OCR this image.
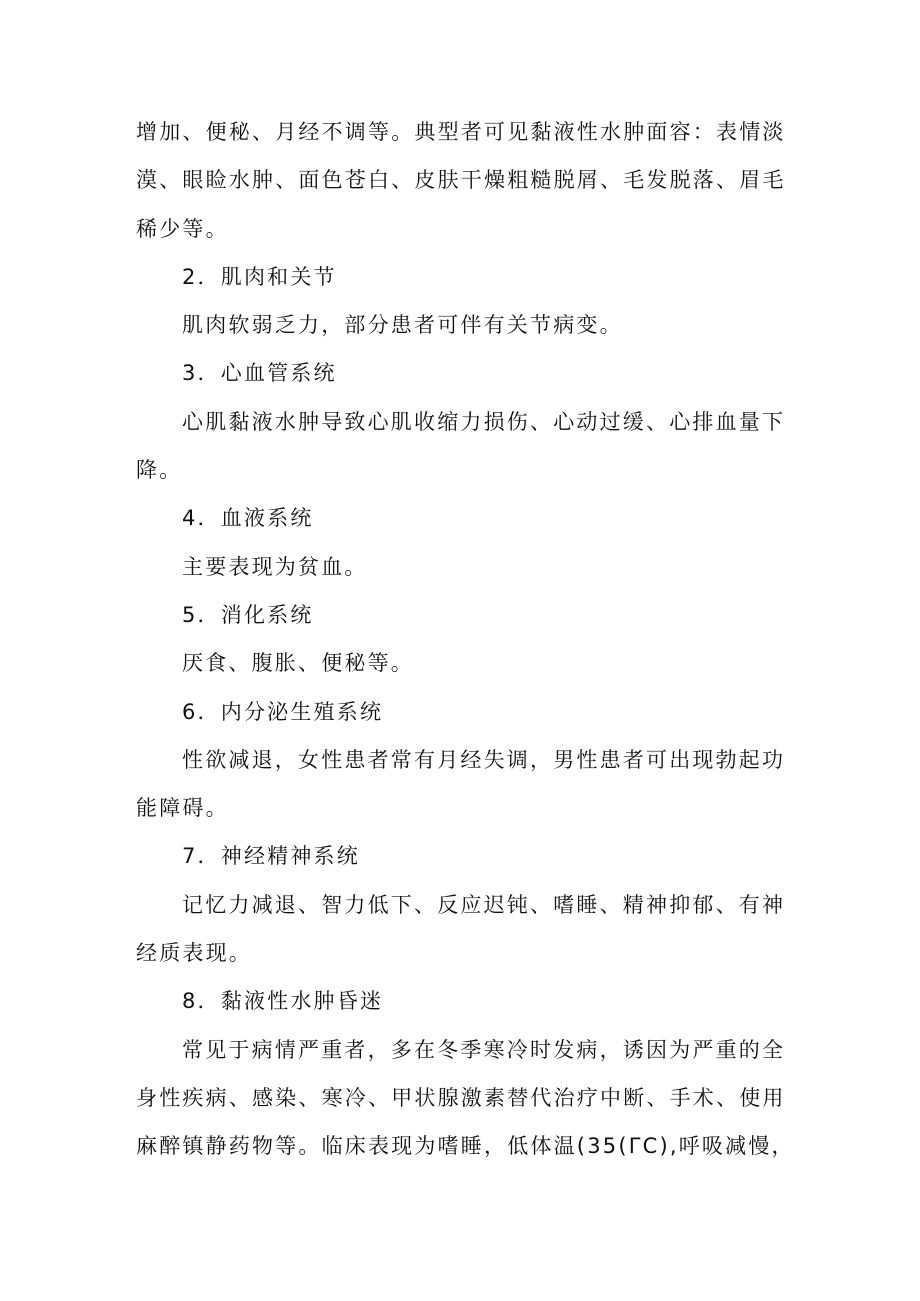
增加、便秘、月经不调等。典型者可见黏液性水肿面容：表情淡
漠、眼睑水肿、面色苍白、皮肤干燥粗糙脱屑、毛发脱落、眉毛
稀少等。
2．肌肉和关节
肌肉软弱乏力，部分患者可伴有关节病变。
3．心血管系统
心肌黏液水肿导致心肌收缩力损伤、心动过缓、心排血量下
降。
4．血液系统
主要表现为贫血。
5．消化系统
厌食、腹胀、便秘等。
6．内分泌生殖系统
性欲减退，女性患者常有月经失调，男性患者可出现勃起功
能障碍。
7．神经精神系统
记忆力减退、智力低下、反应迟钝、嗜睡、精神抑郁、有神
经质表现。
8．黏液性水肿昏迷
常见于病情严重者，多在冬季寒冷时发病，诱因为严重的全
身性疾病、感染、寒冷、甲状腺激素替代治疗中断、手术、使用
麻醉镇静药物等。临床表现为嗜睡，低体温(35(ΓC),呼吸减慢，
